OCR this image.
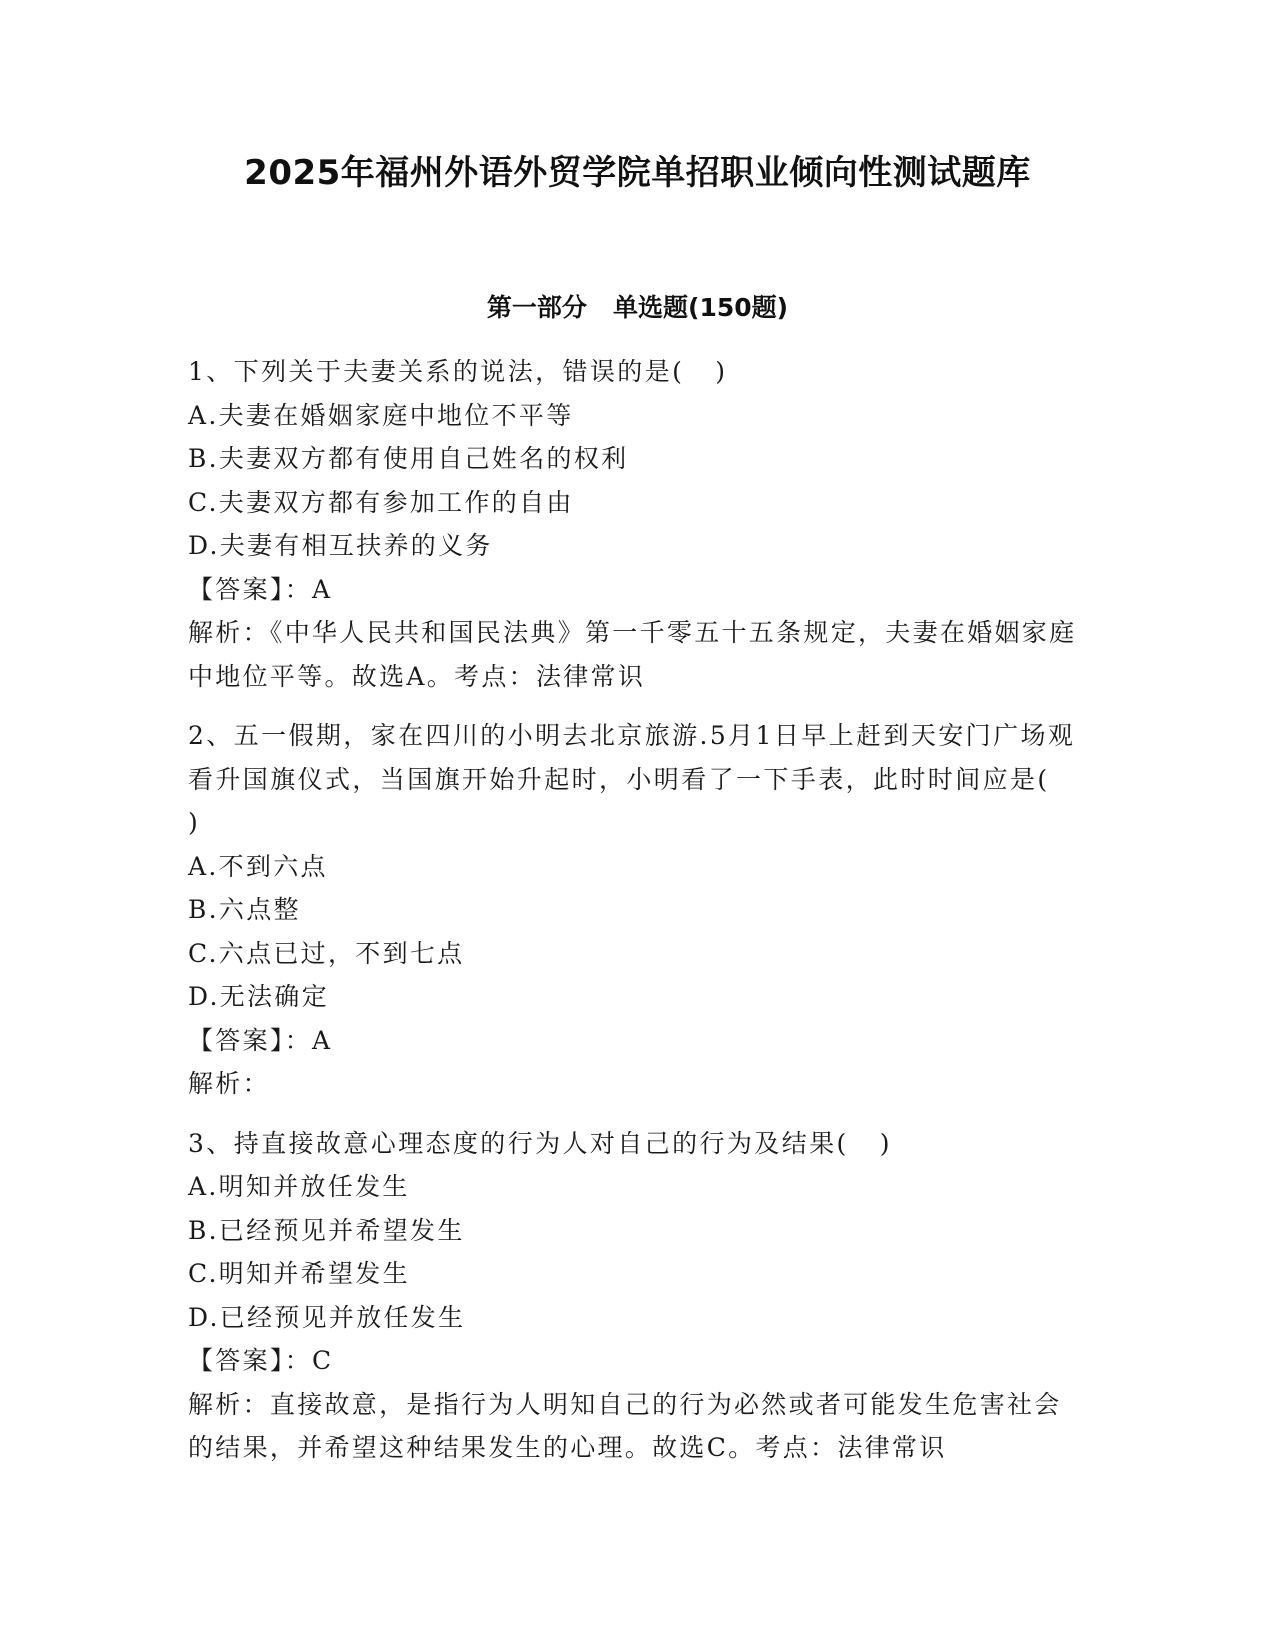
2025年福州外语外贸学院单招职业倾向性测试题库
第一部分   单选题(150题)
1、下列关于夫妻关系的说法，错误的是(   )
A.夫妻在婚姻家庭中地位不平等
B.夫妻双方都有使用自己姓名的权利
C.夫妻双方都有参加工作的自由
D.夫妻有相互扶养的义务
【答案】：A
解析：《中华人民共和国民法典》第一千零五十五条规定，夫妻在婚姻家庭中地位平等。故选A。考点：法律常识
2、五一假期，家在四川的小明去北京旅游.5月1日早上赶到天安门广场观看升国旗仪式，当国旗开始升起时，小明看了一下手表，此时时间应是(   )
A.不到六点
B.六点整
C.六点已过，不到七点
D.无法确定
【答案】：A
解析：
3、持直接故意心理态度的行为人对自己的行为及结果(   )
A.明知并放任发生
B.已经预见并希望发生
C.明知并希望发生
D.已经预见并放任发生
【答案】：C
解析：直接故意，是指行为人明知自己的行为必然或者可能发生危害社会的结果，并希望这种结果发生的心理。故选C。考点：法律常识
